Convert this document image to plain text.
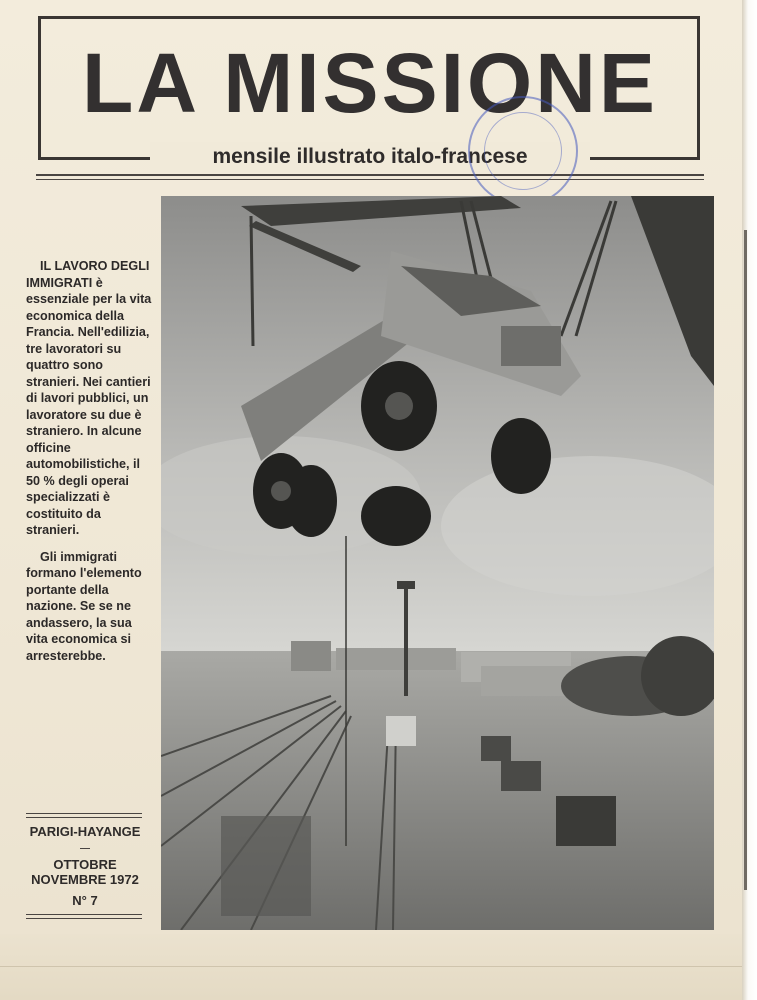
LA MISSIONE
mensile illustrato italo-francese

IL LAVORO DEGLI IMMIGRATI è essenziale per la vita economica della Francia. Nell'edilizia, tre lavoratori su quattro sono stranieri. Nei cantieri di lavori pubblici, un lavoratore su due è straniero. In alcune officine automobilistiche, il 50 % degli operai specializzati è costituito da stranieri.

Gli immigrati formano l'elemento portante della nazione. Se se ne andassero, la sua vita economica si arresterebbe.

PARIGI-HAYANGE
OTTOBRE NOVEMBRE 1972
N° 7
